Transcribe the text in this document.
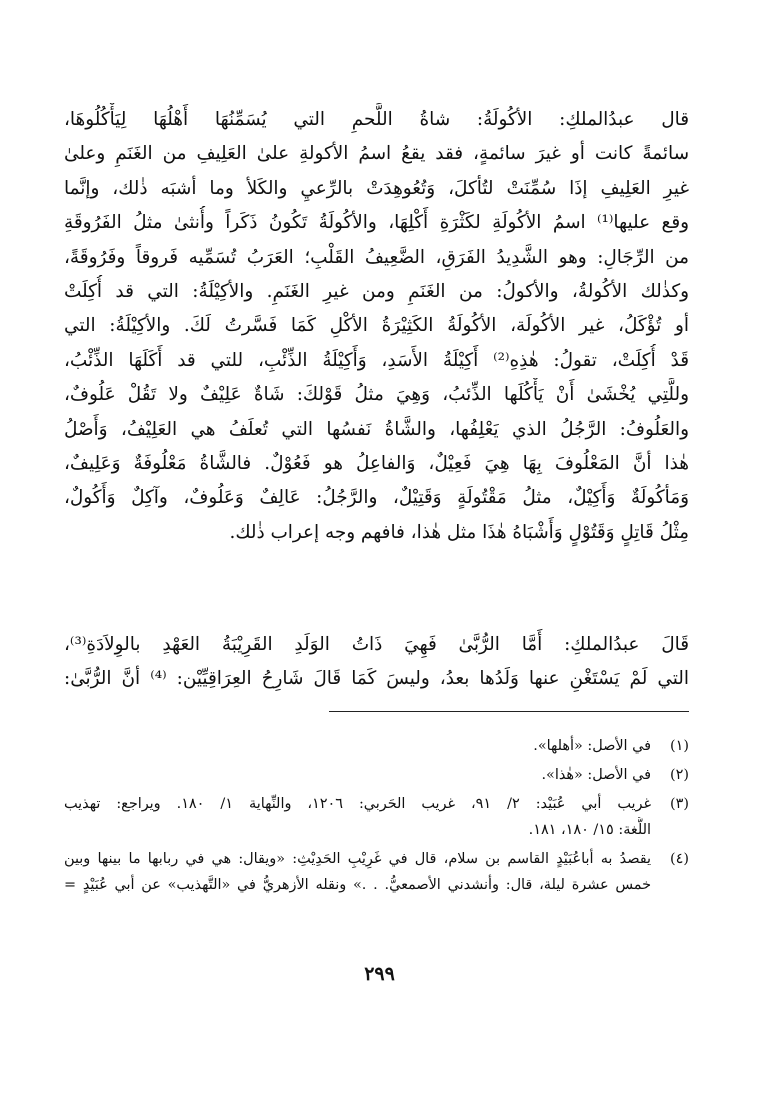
قال عبدُالملكِ: الأكُولَةُ: شاةُ اللَّحمِ التي يُسَمِّنُهَا أَهْلُهَا لِيَأْكُلُوهَا،
سائمةً كانت أو غيرَ سائمةٍ، فقد يقعُ اسمُ الأكولةِ علىٰ العَلِيفِ من الغَنَمِ وعلىٰ
غيرِ العَلِيفِ إذَا سُمِّنَتْ لتُأكلَ، وَتُعُوهِدَتْ بالرِّعيِ والكَلأ وما أشبَه ذٰلك، وإنَّما
وقع عليها⁽¹⁾ اسمُ الأكُولَةِ لكَثْرَةِ أَكْلِهَا، والأكُولَةُ تَكُونُ ذَكَراً وأُنثىٰ مثلُ الفَرُوقَةِ
من الرِّجَالِ: وهو الشَّدِيدُ الفَرَقِ، الضَّعِيفُ القَلْبِ؛ العَرَبُ تُسَمِّيه فَروقاً وفَرُوقَةً،
وكذٰلك الأكُولةُ، والأكولُ: من الغَنَمِ ومن غيرِ الغَنَمِ. والأكِيْلَةُ: التي قد أُكِلَتْ
أو تُؤْكَلُ، غير الأكُولَة، الأكُولَةُ الكَثِيْرَةُ الأكْلِ كَمَا فَسَّرتُ لَكَ. والأكِيْلَةُ: التي
قَدْ أُكِلَتْ، تقولُ: هٰذِهِ⁽²⁾ أَكِيْلَةُ الأَسَدِ، وَأَكِيْلَةُ الذِّئْبِ، للتي قد أَكَلَهَا الذِّئْبُ،
وللَّتِي يُخْشَىٰ أَنْ يَأْكُلَها الذِّئبُ، وَهِيَ مثلُ قَوْلكَ: شَاةٌ عَلِيْفٌ ولا تَقُلْ عَلُوفٌ،
والعَلُوفُ: الرَّجُلُ الذي يَعْلِفُها، والشَّاةُ نَفسُها التي تُعلَفُ هي العَلِيْفُ، وَأَصْلُ
هٰذا أنَّ المَعْلُوفَ بِهَا هِيَ فَعِيْلٌ، وَالفاعِلُ هو فَعُوْلٌ. فالشَّاةُ مَعْلُوفَةٌ وَعَلِيفٌ،
وَمَأكُولَةٌ وَأَكِيْلٌ، مثلُ مَقْتُولَةٍ وَقَتِيْلٌ، والرَّجُلُ: عَالِفٌ وَعَلُوفٌ، وآكِلٌ وَأَكُولٌ،
مِثْلُ قَاتِلٍ وَقَتُوْلٍ وَأَشْبَاهُ هٰذَا مثل هٰذا، فافهم وجه إعراب ذٰلك.
قَالَ عبدُالملكِ: أَمَّا الرُّبَّىٰ فَهِيَ ذَاتُ الوَلَدِ القَرِيْبَةُ العَهْدِ بالوِلاَدَةِ⁽³⁾،
التي لَمْ يَسْتَغْنِ عنها وَلَدُها بعدُ، وليسَ كَمَا قَالَ شَارِحُ العِرَاقِيِّيْن: ⁽⁴⁾ أنَّ الرُّبَّىٰ:
(١)
في الأصل: «أهلها».
(٢)
في الأصل: «هٰذا».
(٣)
غريب أبي عُبَيْد: ٢/ ٩١، غريب الحَربي: ١٢٠٦، والنِّهاية ١/ ١٨٠. ويراجع: تهذيب
اللُّغة: ١٥/ ١٨٠، ١٨١.
(٤)
يقصدُ به أباعُبَيْدٍ القاسم بن سلام، قال في غَرِيْبِ الحَدِيْثِ: «ويقال: هي في ربابها ما بينها وبين
خمس عشرة ليلة، قال: وأنشدني الأصمعيُّ. . .» ونقله الأزهريُّ في «التَّهذيب» عن أبي عُبَيْدٍ =
٢٩٩
